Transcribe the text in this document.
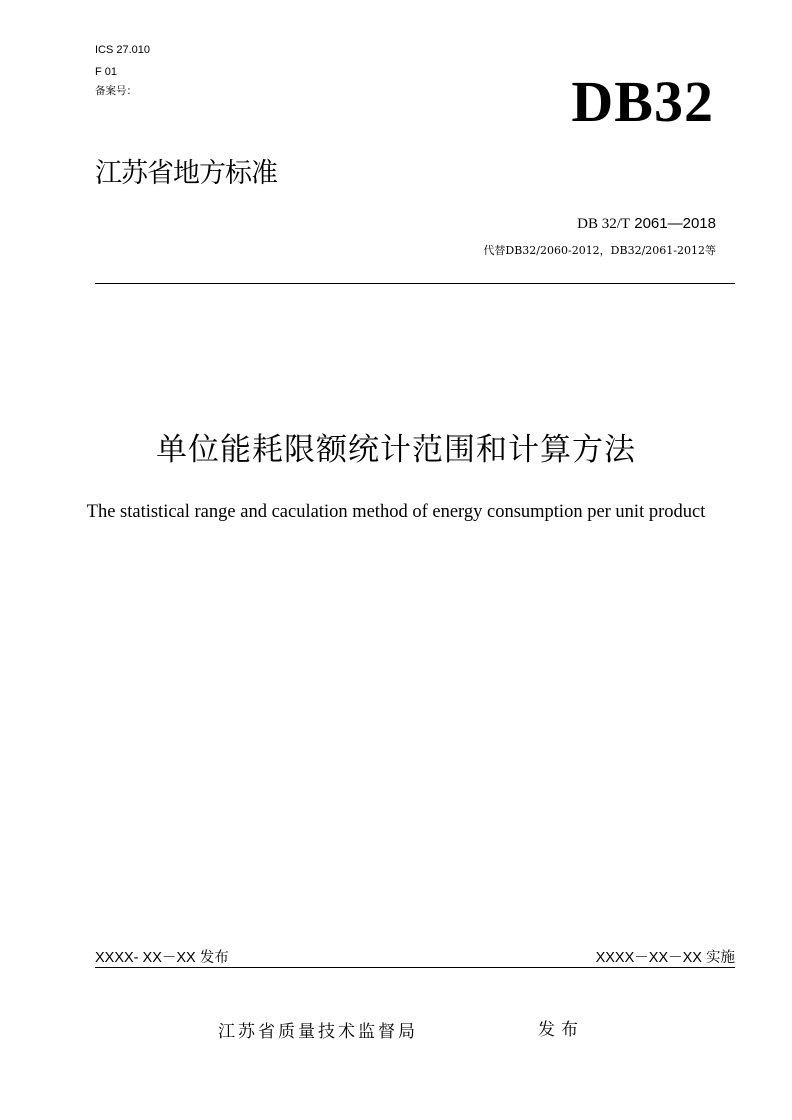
ICS 27.010
F 01
备案号：	DB32
江苏省地方标准
DB 32/T 2061—2018
代替DB32/2060-2012，DB32/2061-2012等
单位能耗限额统计范围和计算方法
The statistical range and caculation method of energy consumption per unit product
XXXX- XX－XX 发布	XXXX－XX－XX 实施
江苏省质量技术监督局	发布
